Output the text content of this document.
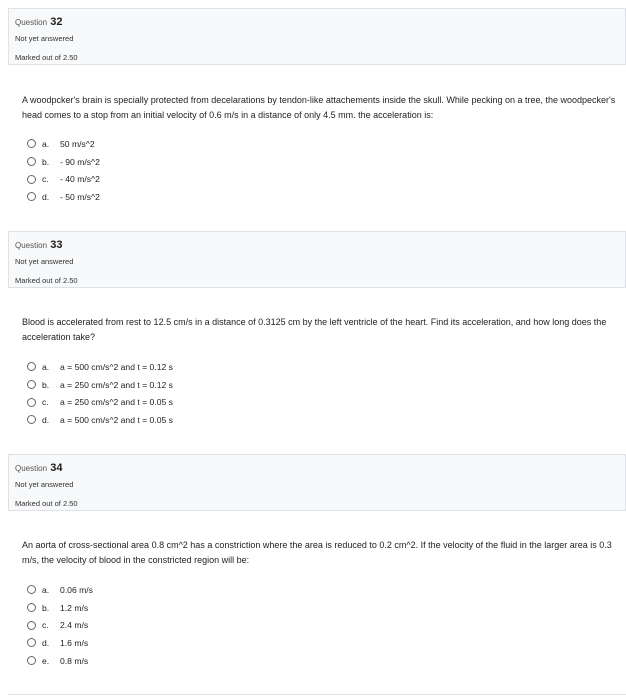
Question 32
Not yet answered
Marked out of 2.50
A woodpcker's brain is specially protected from decelarations by tendon-like attachements inside the skull. While pecking on a tree, the woodpecker's head comes to a stop from an initial velocity of 0.6 m/s in a distance of only 4.5 mm. the acceleration is:
a.	50 m/s^2
b.	- 90 m/s^2
c.	- 40 m/s^2
d.	- 50 m/s^2
Question 33
Not yet answered
Marked out of 2.50
Blood is accelerated from rest to 12.5 cm/s in a distance of 0.3125 cm by the left ventricle of the heart. Find its acceleration, and how long does the acceleration take?
a.	a = 500 cm/s^2 and t = 0.12 s
b.	a = 250 cm/s^2 and t = 0.12 s
c.	a = 250 cm/s^2 and t = 0.05 s
d.	a = 500 cm/s^2 and t = 0.05 s
Question 34
Not yet answered
Marked out of 2.50
An aorta of cross-sectional area 0.8 cm^2 has a constriction where the area is reduced to 0.2 cm^2. If the velocity of the fluid in the larger area is 0.3 m/s, the velocity of blood in the constricted region will be:
a.	0.06 m/s
b.	1.2 m/s
c.	2.4 m/s
d.	1.6 m/s
e.	0.8 m/s
